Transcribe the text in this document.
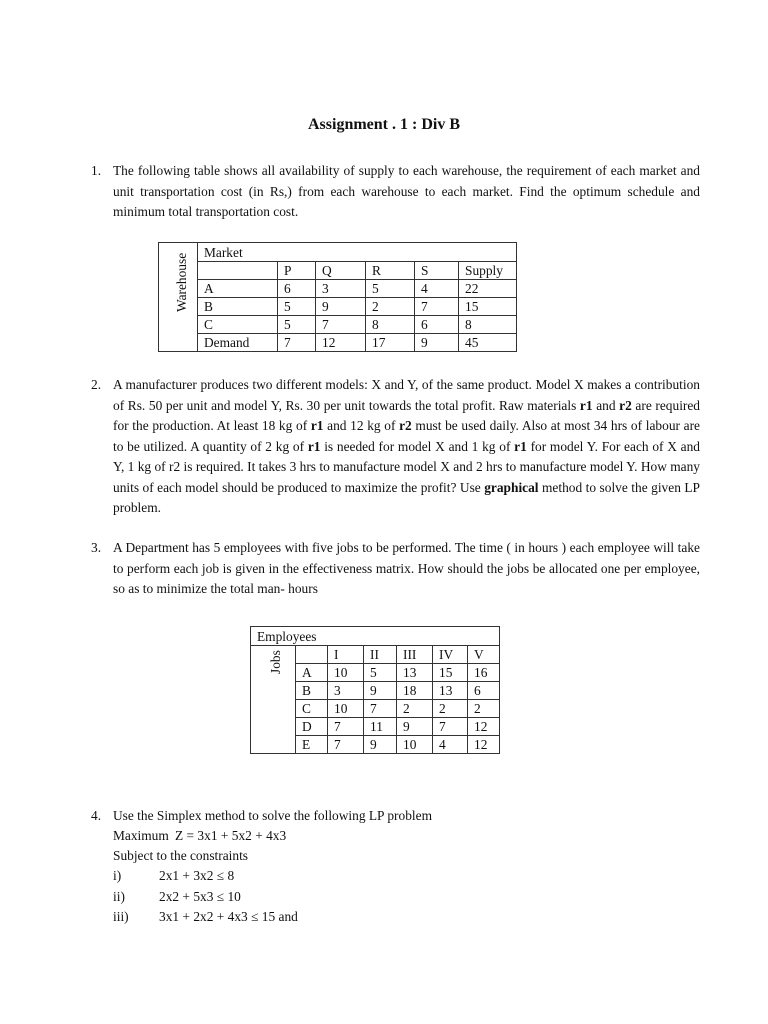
Assignment . 1 : Div B
1. The following table shows all availability of supply to each warehouse, the requirement of each market and unit transportation cost (in Rs,) from each warehouse to each market. Find the optimum schedule and minimum total transportation cost.
	Market					
		P	Q	R	S	Supply
	A	6	3	5	4	22
	B	5	9	2	7	15
	C	5	7	8	6	8
	Demand	7	12	17	9	45
Warehouse
2. A manufacturer produces two different models: X and Y, of the same product. Model X makes a contribution of Rs. 50 per unit and model Y, Rs. 30 per unit towards the total profit. Raw materials r1 and r2 are required for the production. At least 18 kg of r1 and 12 kg of r2 must be used daily. Also at most 34 hrs of labour are to be utilized. A quantity of 2 kg of r1 is needed for model X and 1 kg of r1 for model Y. For each of X and Y, 1 kg of r2 is required. It takes 3 hrs to manufacture model X and 2 hrs to manufacture model Y. How many units of each model should be produced to maximize the profit? Use graphical method to solve the given LP problem.
3. A Department has 5 employees with five jobs to be performed. The time ( in hours ) each employee will take to perform each job is given in the effectiveness matrix. How should the jobs be allocated one per employee, so as to minimize the total man- hours
Employees						
		I	II	III	IV	V
	A	10	5	13	15	16
	B	3	9	18	13	6
	C	10	7	2	2	2
	D	7	11	9	7	12
	E	7	9	10	4	12
Jobs
4. Use the Simplex method to solve the following LP problem
Maximum Z = 3x1 + 5x2 + 4x3
Subject to the constraints
i)	2x1 + 3x2 ≤ 8
ii)	2x2 + 5x3 ≤ 10
iii) 3x1 + 2x2 + 4x3 ≤ 15 and
